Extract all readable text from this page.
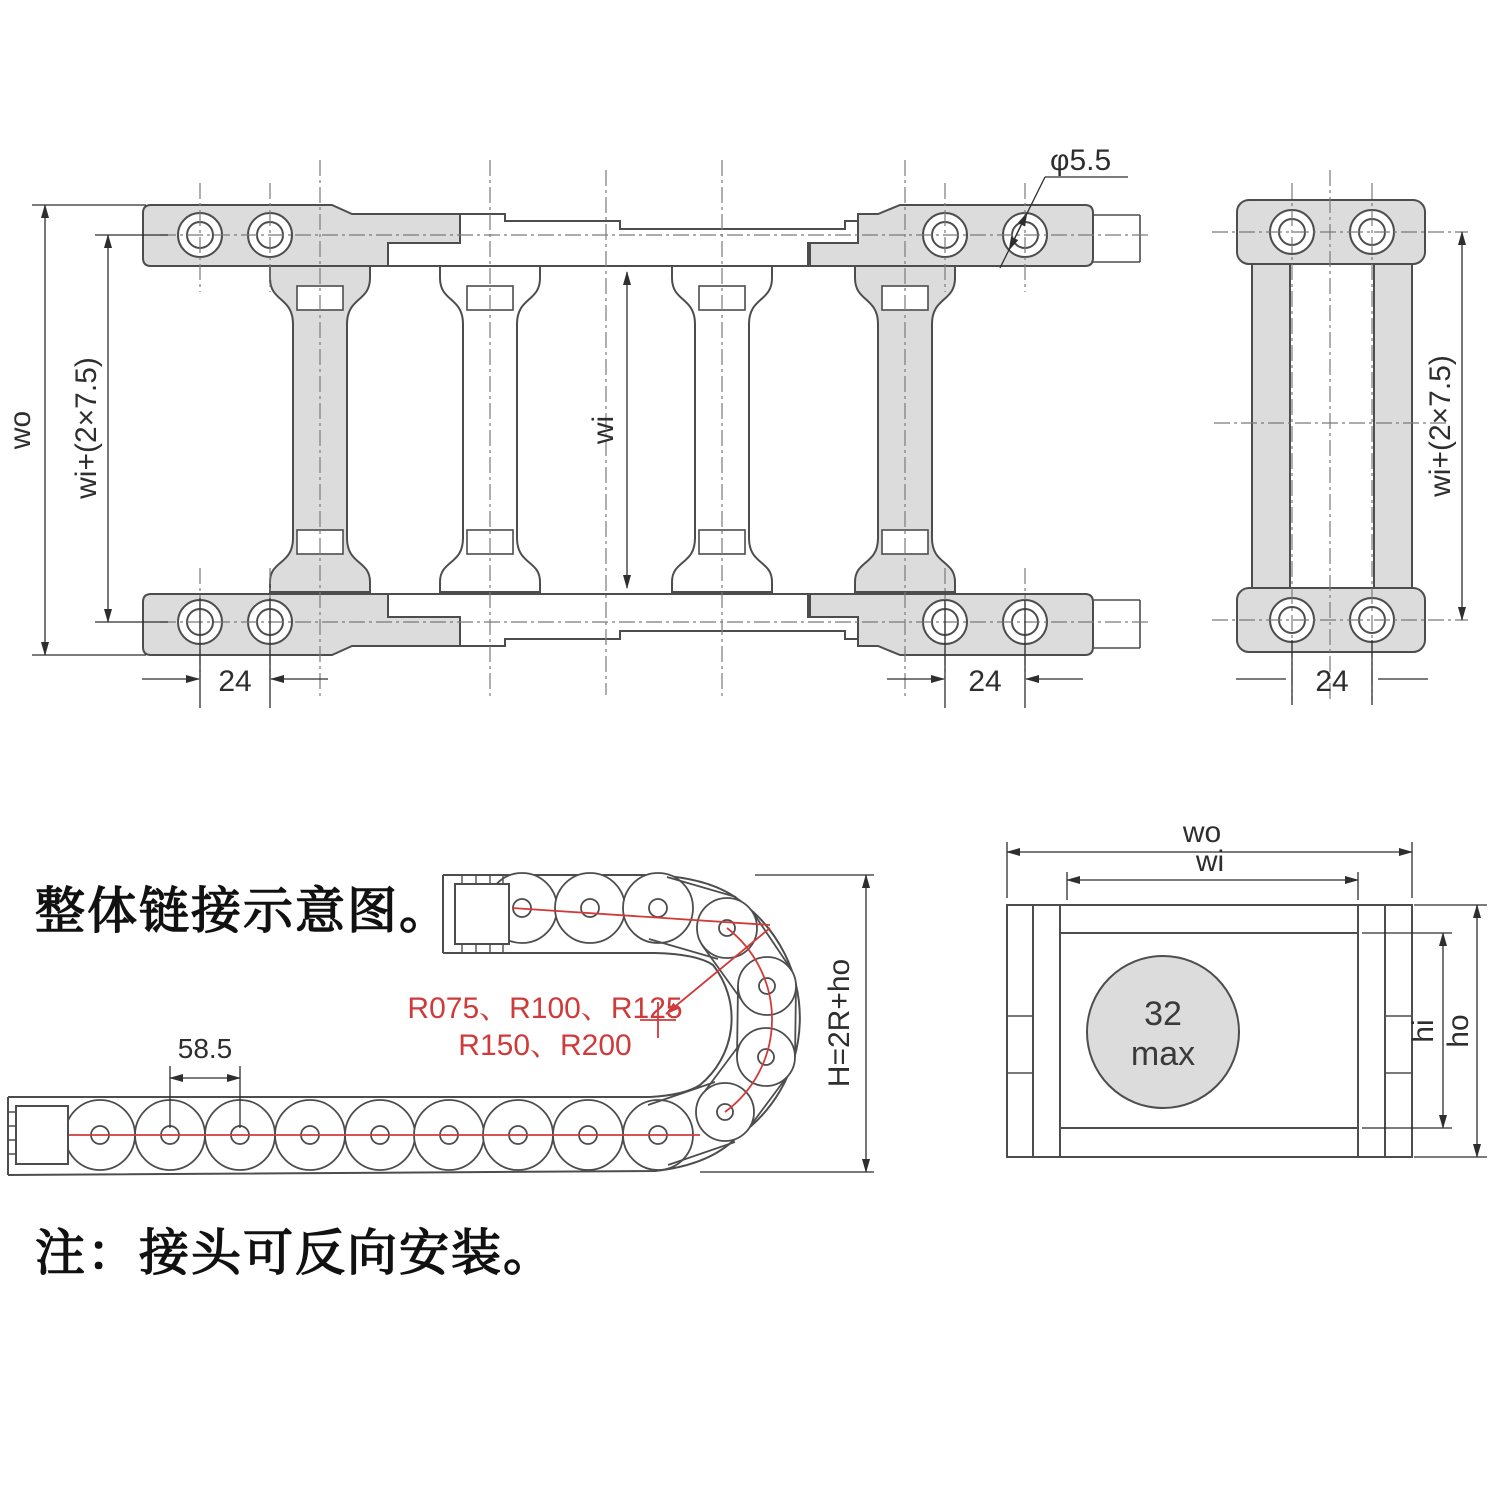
wo wi+(2×7.5)	wi
24	24
φ5.5
wi+(2×7.5)
24
58.5
R075、R100、R125
R150、R200	H=2R+ho
wo
wi
32
max
hi ho
整体链接示意图。
注：接头可反向安装。
